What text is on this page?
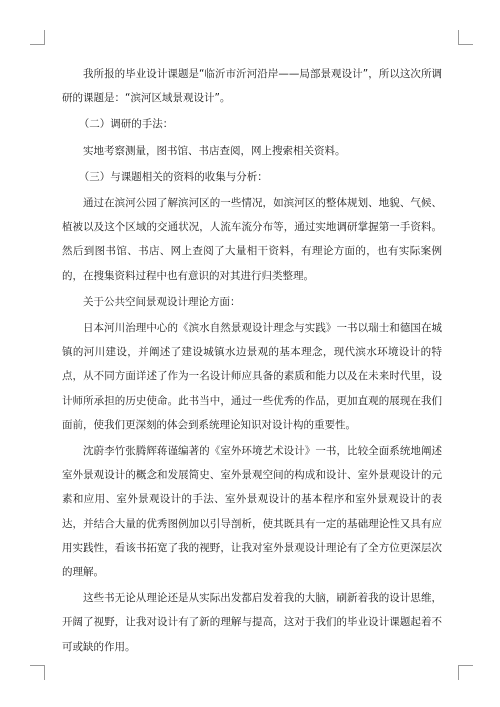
我所报的毕业设计课题是“临沂市沂河沿岸——局部景观设计”，所以这次所调研的课题是：“滨河区域景观设计”。

（二）调研的手法：

实地考察测量，图书馆、书店查阅，网上搜索相关资料。

（三）与课题相关的资料的收集与分析：

通过在滨河公园了解滨河区的一些情况，如滨河区的整体规划、地貌、气候、植被以及这个区域的交通状况，人流车流分布等，通过实地调研掌握第一手资料。然后到图书馆、书店、网上查阅了大量相干资料，有理论方面的，也有实际案例的，在搜集资料过程中也有意识的对其进行归类整理。

关于公共空间景观设计理论方面：

日本河川治理中心的《滨水自然景观设计理念与实践》一书以瑞士和德国在城镇的河川建设，并阐述了建设城镇水边景观的基本理念，现代滨水环境设计的特点，从不同方面详述了作为一名设计师应具备的素质和能力以及在未来时代里，设计师所承担的历史使命。此书当中，通过一些优秀的作品，更加直观的展现在我们面前，使我们更深刻的体会到系统理论知识对设计构的重要性。

沈蔚李竹张腾辉蒋谨编著的《室外环境艺术设计》一书，比较全面系统地阐述室外景观设计的概念和发展简史、室外景观空间的构成和设计、室外景观设计的元素和应用、室外景观设计的手法、室外景观设计的基本程序和室外景观设计的表达，并结合大量的优秀图例加以引导剖析，使其既具有一定的基础理论性又具有应用实践性，看该书拓宽了我的视野，让我对室外景观设计理论有了全方位更深层次的理解。

这些书无论从理论还是从实际出发都启发着我的大脑，刷新着我的设计思维，开阔了视野，让我对设计有了新的理解与提高，这对于我们的毕业设计课题起着不可或缺的作用。
